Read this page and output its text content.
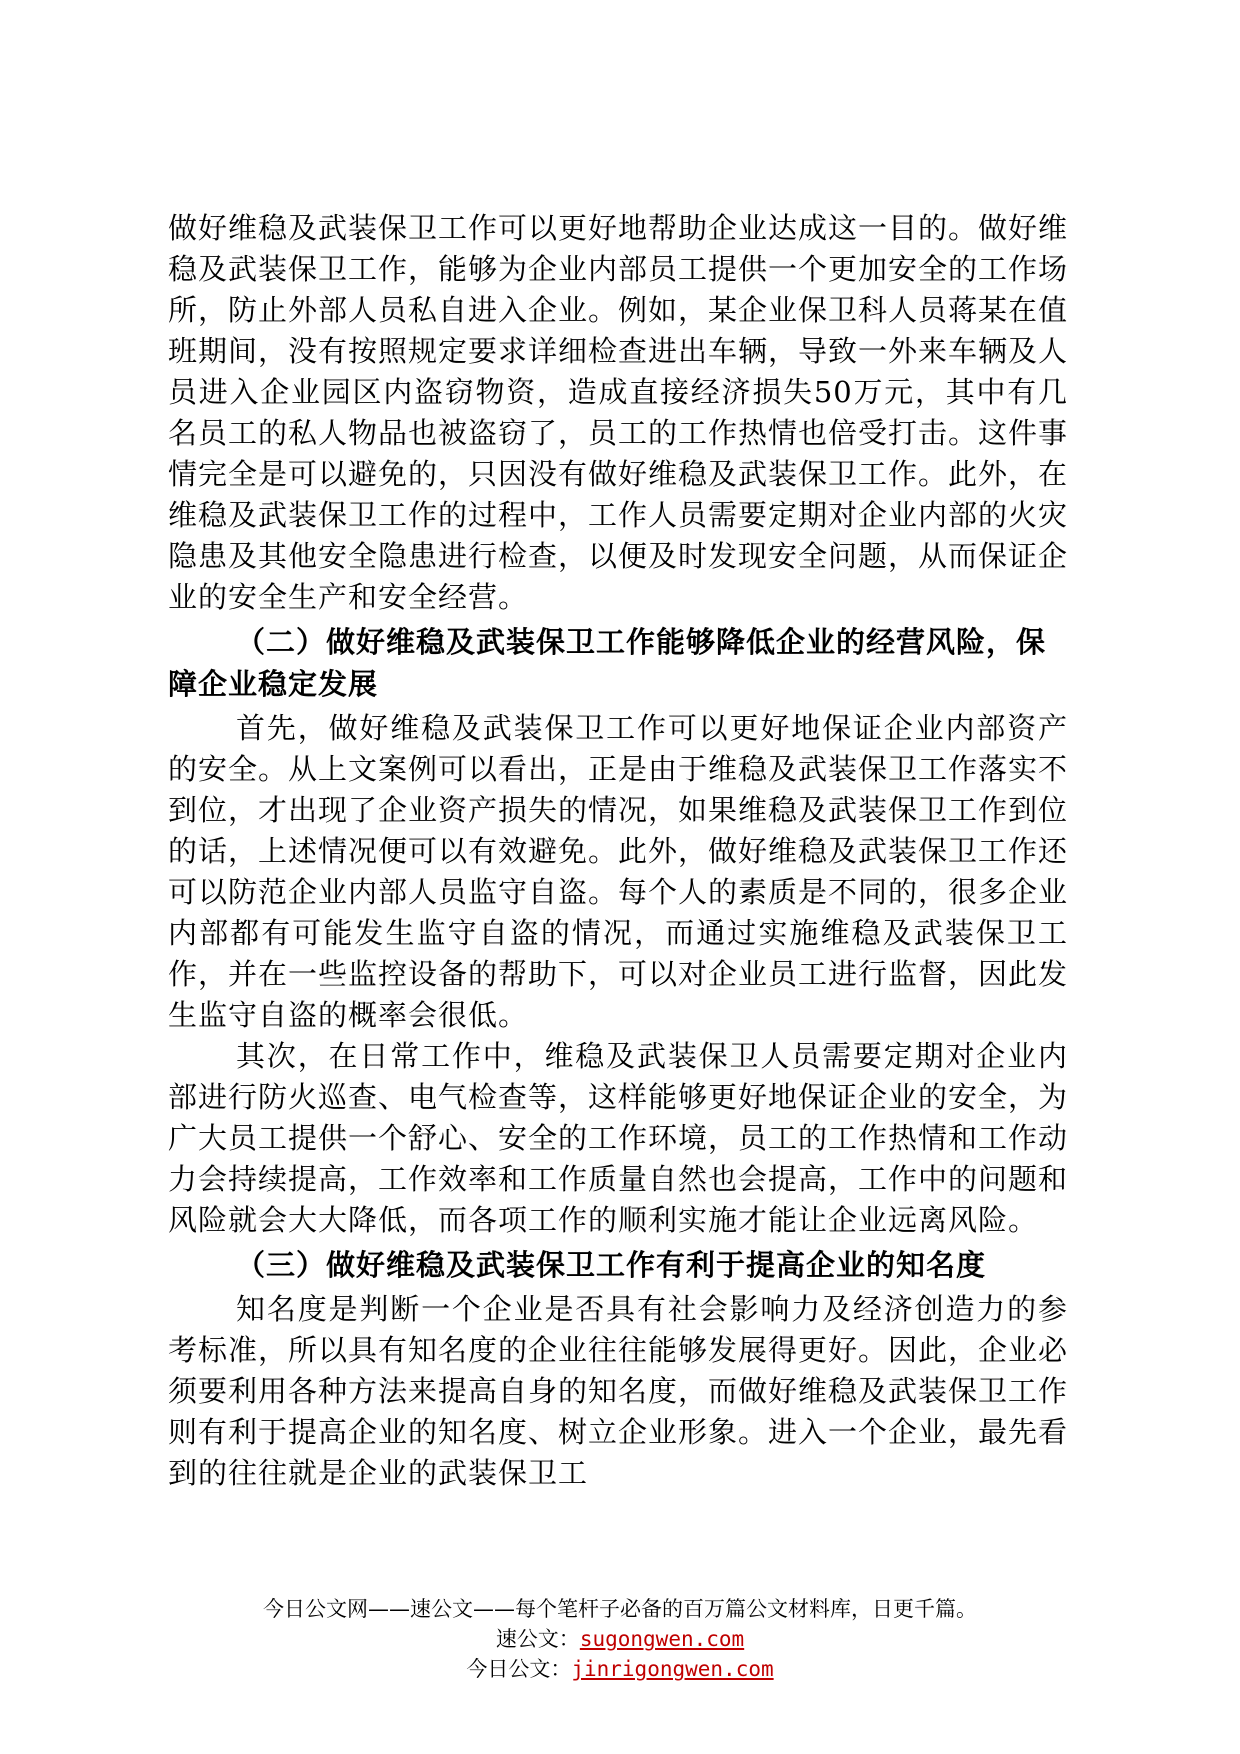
做好维稳及武装保卫工作可以更好地帮助企业达成这一目的。做好维稳及武装保卫工作，能够为企业内部员工提供一个更加安全的工作场所，防止外部人员私自进入企业。例如，某企业保卫科人员蒋某在值班期间，没有按照规定要求详细检查进出车辆，导致一外来车辆及人员进入企业园区内盗窃物资，造成直接经济损失50万元，其中有几名员工的私人物品也被盗窃了，员工的工作热情也倍受打击。这件事情完全是可以避免的，只因没有做好维稳及武装保卫工作。此外，在维稳及武装保卫工作的过程中，工作人员需要定期对企业内部的火灾隐患及其他安全隐患进行检查，以便及时发现安全问题，从而保证企业的安全生产和安全经营。

（二）做好维稳及武装保卫工作能够降低企业的经营风险，保障企业稳定发展

首先，做好维稳及武装保卫工作可以更好地保证企业内部资产的安全。从上文案例可以看出，正是由于维稳及武装保卫工作落实不到位，才出现了企业资产损失的情况，如果维稳及武装保卫工作到位的话，上述情况便可以有效避免。此外，做好维稳及武装保卫工作还可以防范企业内部人员监守自盗。每个人的素质是不同的，很多企业内部都有可能发生监守自盗的情况，而通过实施维稳及武装保卫工作，并在一些监控设备的帮助下，可以对企业员工进行监督，因此发生监守自盗的概率会很低。

其次，在日常工作中，维稳及武装保卫人员需要定期对企业内部进行防火巡查、电气检查等，这样能够更好地保证企业的安全，为广大员工提供一个舒心、安全的工作环境，员工的工作热情和工作动力会持续提高，工作效率和工作质量自然也会提高，工作中的问题和风险就会大大降低，而各项工作的顺利实施才能让企业远离风险。

（三）做好维稳及武装保卫工作有利于提高企业的知名度

知名度是判断一个企业是否具有社会影响力及经济创造力的参考标准，所以具有知名度的企业往往能够发展得更好。因此，企业必须要利用各种方法来提高自身的知名度，而做好维稳及武装保卫工作则有利于提高企业的知名度、树立企业形象。进入一个企业，最先看到的往往就是企业的武装保卫工

今日公文网——速公文——每个笔杆子必备的百万篇公文材料库，日更千篇。

速公文：sugongwen.com

今日公文：jinrigongwen.com
